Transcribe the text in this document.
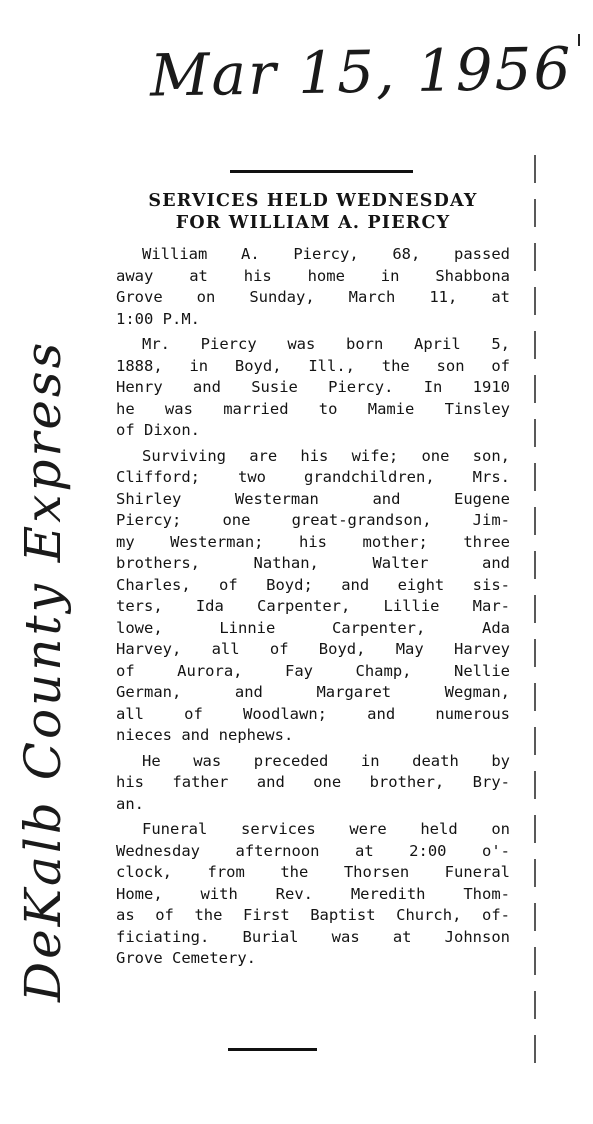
Mar 15, 1956
DeKalb County Express
SERVICES HELD WEDNESDAY
FOR WILLIAM A. PIERCY
William A. Piercy, 68, passed
away at his home in Shabbona
Grove on Sunday, March 11, at
1:00 P.M.
Mr. Piercy was born April 5,
1888, in Boyd, Ill., the son of
Henry and Susie Piercy. In 1910
he was married to Mamie Tinsley
of Dixon.
Surviving are his wife; one son,
Clifford; two grandchildren, Mrs.
Shirley Westerman and Eugene
Piercy; one great-grandson, Jim-
my Westerman; his mother; three
brothers, Nathan, Walter and
Charles, of Boyd; and eight sis-
ters, Ida Carpenter, Lillie Mar-
lowe, Linnie Carpenter, Ada
Harvey, all of Boyd, May Harvey
of Aurora, Fay Champ, Nellie
German, and Margaret Wegman,
all of Woodlawn; and numerous
nieces and nephews.
He was preceded in death by
his father and one brother, Bry-
an.
Funeral services were held on
Wednesday afternoon at 2:00 o'-
clock, from the Thorsen Funeral
Home, with Rev. Meredith Thom-
as of the First Baptist Church, of-
ficiating. Burial was at Johnson
Grove Cemetery.
